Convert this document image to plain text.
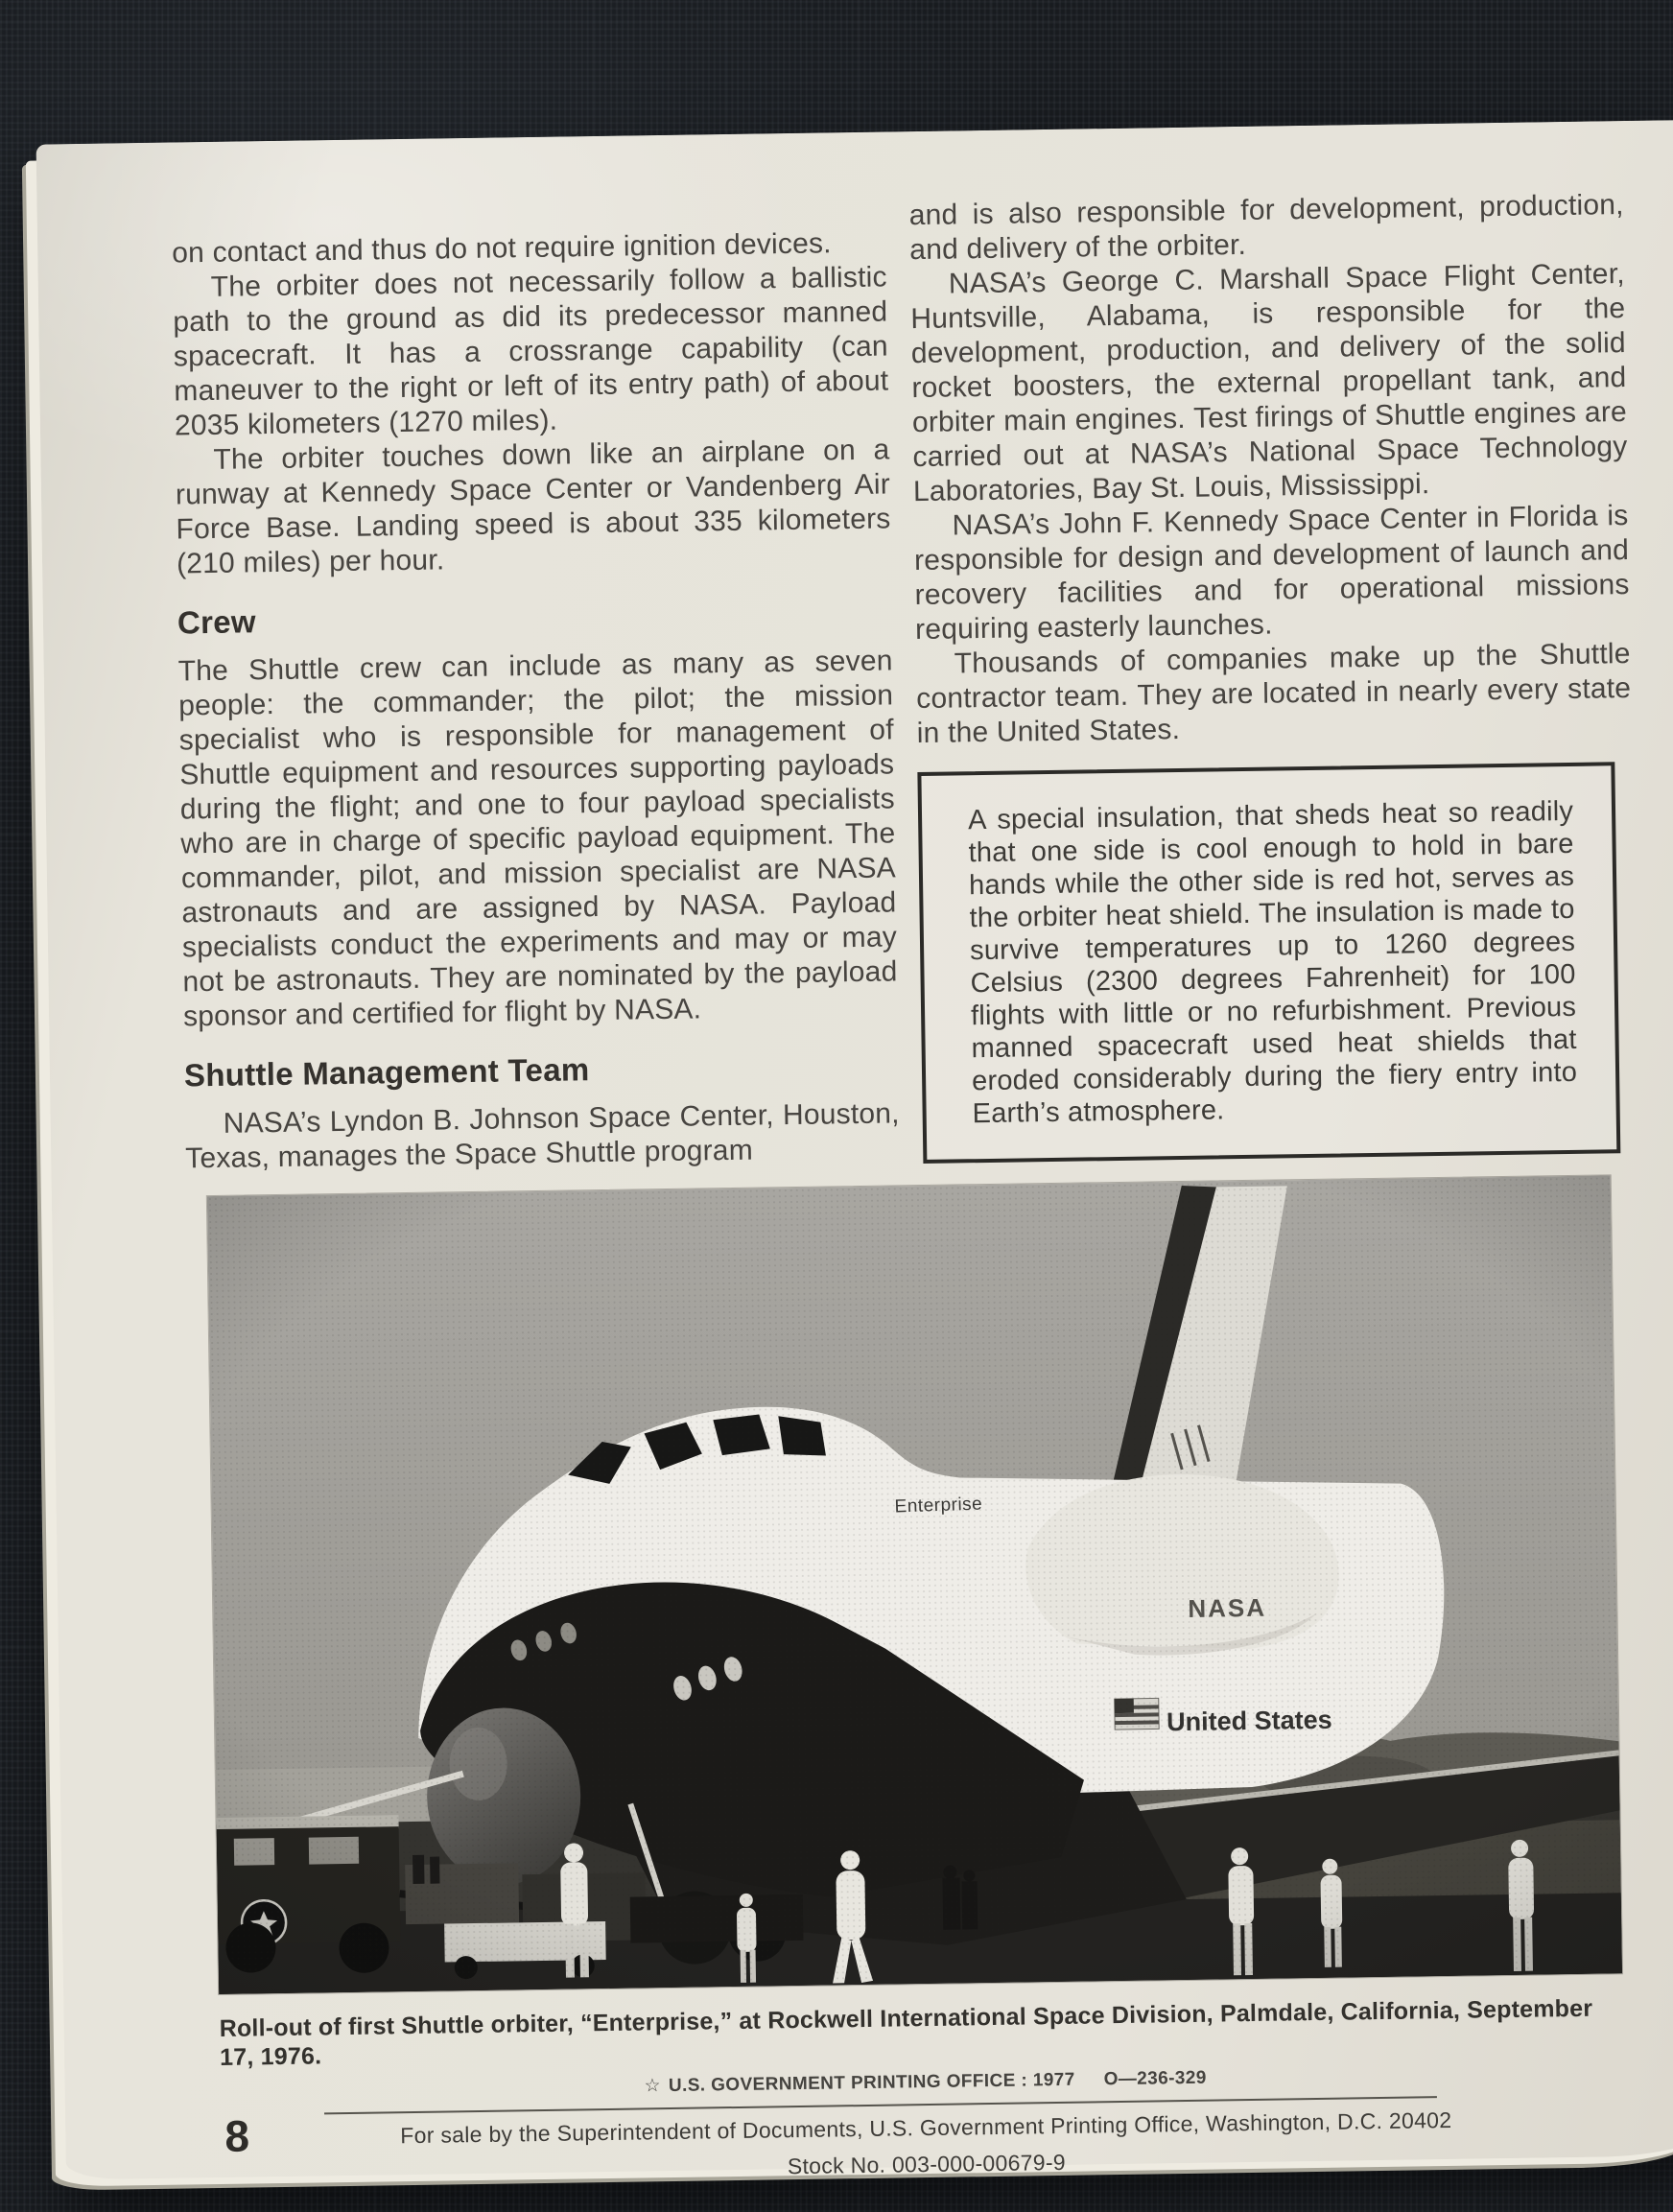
on contact and thus do not require ignition devices.

The orbiter does not necessarily follow a ballistic path to the ground as did its predecessor manned spacecraft. It has a crossrange capability (can maneuver to the right or left of its entry path) of about 2035 kilometers (1270 miles).

The orbiter touches down like an airplane on a runway at Kennedy Space Center or Vandenberg Air Force Base. Landing speed is about 335 kilometers (210 miles) per hour.

Crew

The Shuttle crew can include as many as seven people: the commander; the pilot; the mission specialist who is responsible for management of Shuttle equipment and resources supporting payloads during the flight; and one to four payload specialists who are in charge of specific payload equipment. The commander, pilot, and mission specialist are NASA astronauts and are assigned by NASA. Payload specialists conduct the experiments and may or may not be astronauts. They are nominated by the payload sponsor and certified for flight by NASA.

Shuttle Management Team

NASA’s Lyndon B. Johnson Space Center, Houston, Texas, manages the Space Shuttle program

and is also responsible for development, production, and delivery of the orbiter.

NASA’s George C. Marshall Space Flight Center, Huntsville, Alabama, is responsible for the development, production, and delivery of the solid rocket boosters, the external propellant tank, and orbiter main engines. Test firings of Shuttle engines are carried out at NASA’s National Space Technology Laboratories, Bay St. Louis, Mississippi.

NASA’s John F. Kennedy Space Center in Florida is responsible for design and development of launch and recovery facilities and for operational missions requiring easterly launches.

Thousands of companies make up the Shuttle contractor team. They are located in nearly every state in the United States.

A special insulation, that sheds heat so readily that one side is cool enough to hold in bare hands while the other side is red hot, serves as the orbiter heat shield. The insulation is made to survive temperatures up to 1260 degrees Celsius (2300 degrees Fahrenheit) for 100 flights with little or no refurbishment. Previous manned spacecraft used heat shields that eroded considerably during the fiery entry into Earth’s atmosphere.
Roll-out of first Shuttle orbiter, “Enterprise,” at Rockwell International Space Division, Palmdale, California, September 17, 1976.
☆ U.S. GOVERNMENT PRINTING OFFICE : 1977 O—236-329
For sale by the Superintendent of Documents, U.S. Government Printing Office, Washington, D.C. 20402
Stock No. 003-000-00679-9
8
